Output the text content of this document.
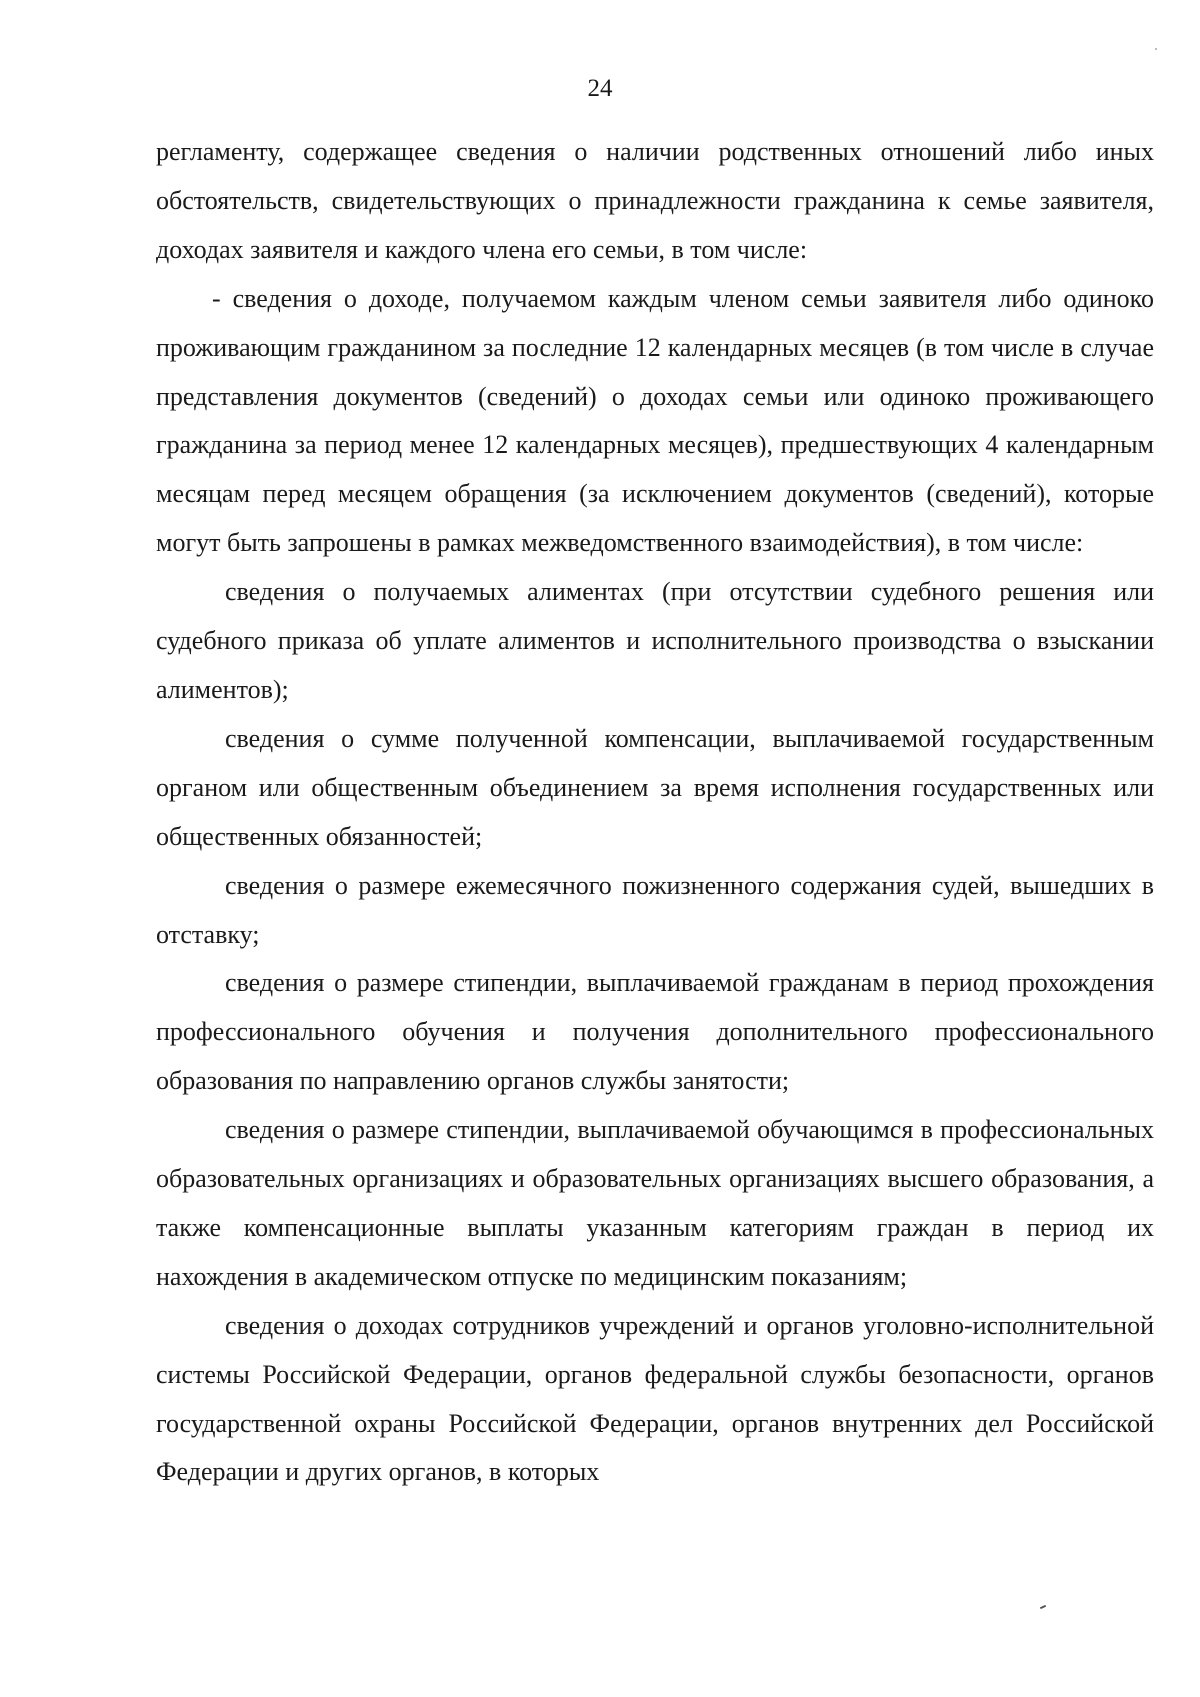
24

регламенту, содержащее сведения о наличии родственных отношений либо иных обстоятельств, свидетельствующих о принадлежности гражданина к семье заявителя, доходах заявителя и каждого члена его семьи, в том числе:

- сведения о доходе, получаемом каждым членом семьи заявителя либо одиноко проживающим гражданином за последние 12 календарных месяцев (в том числе в случае представления документов (сведений) о доходах семьи или одиноко проживающего гражданина за период менее 12 календарных месяцев), предшествующих 4 календарным месяцам перед месяцем обращения (за исключением документов (сведений), которые могут быть запрошены в рамках межведомственного взаимодействия), в том числе:

сведения о получаемых алиментах (при отсутствии судебного решения или судебного приказа об уплате алиментов и исполнительного производства о взыскании алиментов);

сведения о сумме полученной компенсации, выплачиваемой государственным органом или общественным объединением за время исполнения государственных или общественных обязанностей;

сведения о размере ежемесячного пожизненного содержания судей, вышедших в отставку;

сведения о размере стипендии, выплачиваемой гражданам в период прохождения профессионального обучения и получения дополнительного профессионального образования по направлению органов службы занятости;

сведения о размере стипендии, выплачиваемой обучающимся в профессиональных образовательных организациях и образовательных организациях высшего образования, а также компенсационные выплаты указанным категориям граждан в период их нахождения в академическом отпуске по медицинским показаниям;

сведения о доходах сотрудников учреждений и органов уголовно-исполнительной системы Российской Федерации, органов федеральной службы безопасности, органов государственной охраны Российской Федерации, органов внутренних дел Российской Федерации и других органов, в которых
